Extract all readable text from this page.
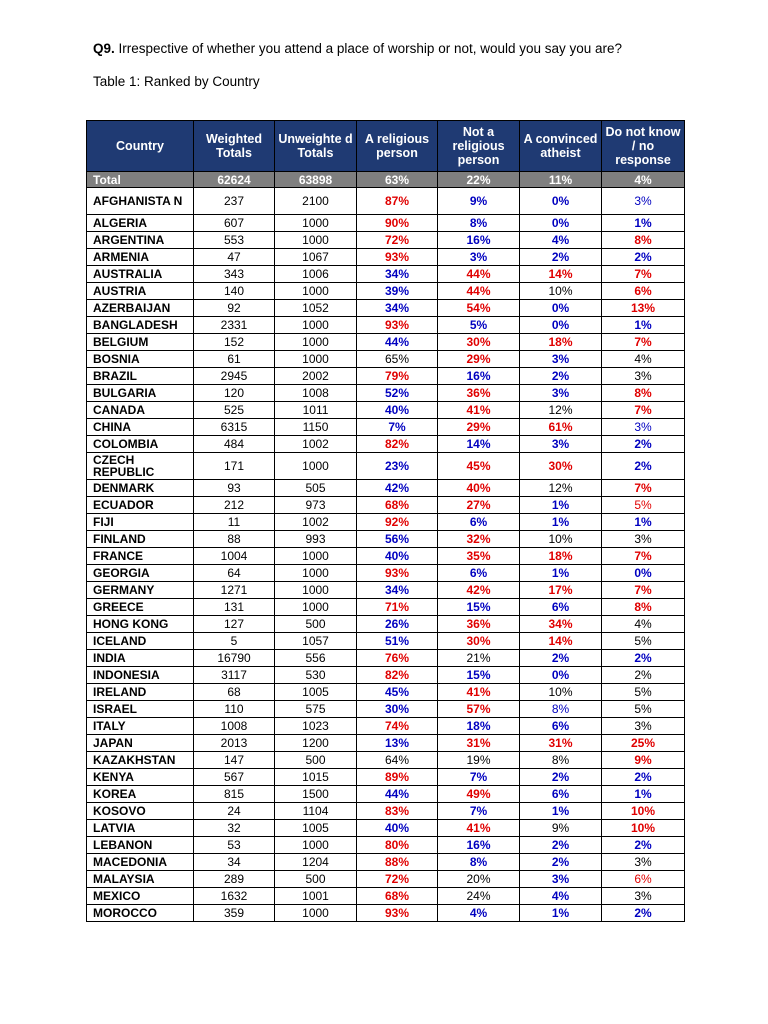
Q9. Irrespective of whether you attend a place of worship or not, would you say you are?
Table 1: Ranked by Country
Country	Weighted Totals	Unweighte d Totals	A religious person	Not a religious person	A convinced atheist	Do not know / no response
Total	62624	63898	63%	22%	11%	4%
AFGHANISTA N	237	2100	87%	9%	0%	3%
ALGERIA	607	1000	90%	8%	0%	1%
ARGENTINA	553	1000	72%	16%	4%	8%
ARMENIA	47	1067	93%	3%	2%	2%
AUSTRALIA	343	1006	34%	44%	14%	7%
AUSTRIA	140	1000	39%	44%	10%	6%
AZERBAIJAN	92	1052	34%	54%	0%	13%
BANGLADESH	2331	1000	93%	5%	0%	1%
BELGIUM	152	1000	44%	30%	18%	7%
BOSNIA	61	1000	65%	29%	3%	4%
BRAZIL	2945	2002	79%	16%	2%	3%
BULGARIA	120	1008	52%	36%	3%	8%
CANADA	525	1011	40%	41%	12%	7%
CHINA	6315	1150	7%	29%	61%	3%
COLOMBIA	484	1002	82%	14%	3%	2%
CZECH REPUBLIC	171	1000	23%	45%	30%	2%
DENMARK	93	505	42%	40%	12%	7%
ECUADOR	212	973	68%	27%	1%	5%
FIJI	11	1002	92%	6%	1%	1%
FINLAND	88	993	56%	32%	10%	3%
FRANCE	1004	1000	40%	35%	18%	7%
GEORGIA	64	1000	93%	6%	1%	0%
GERMANY	1271	1000	34%	42%	17%	7%
GREECE	131	1000	71%	15%	6%	8%
HONG KONG	127	500	26%	36%	34%	4%
ICELAND	5	1057	51%	30%	14%	5%
INDIA	16790	556	76%	21%	2%	2%
INDONESIA	3117	530	82%	15%	0%	2%
IRELAND	68	1005	45%	41%	10%	5%
ISRAEL	110	575	30%	57%	8%	5%
ITALY	1008	1023	74%	18%	6%	3%
JAPAN	2013	1200	13%	31%	31%	25%
KAZAKHSTAN	147	500	64%	19%	8%	9%
KENYA	567	1015	89%	7%	2%	2%
KOREA	815	1500	44%	49%	6%	1%
KOSOVO	24	1104	83%	7%	1%	10%
LATVIA	32	1005	40%	41%	9%	10%
LEBANON	53	1000	80%	16%	2%	2%
MACEDONIA	34	1204	88%	8%	2%	3%
MALAYSIA	289	500	72%	20%	3%	6%
MEXICO	1632	1001	68%	24%	4%	3%
MOROCCO	359	1000	93%	4%	1%	2%
